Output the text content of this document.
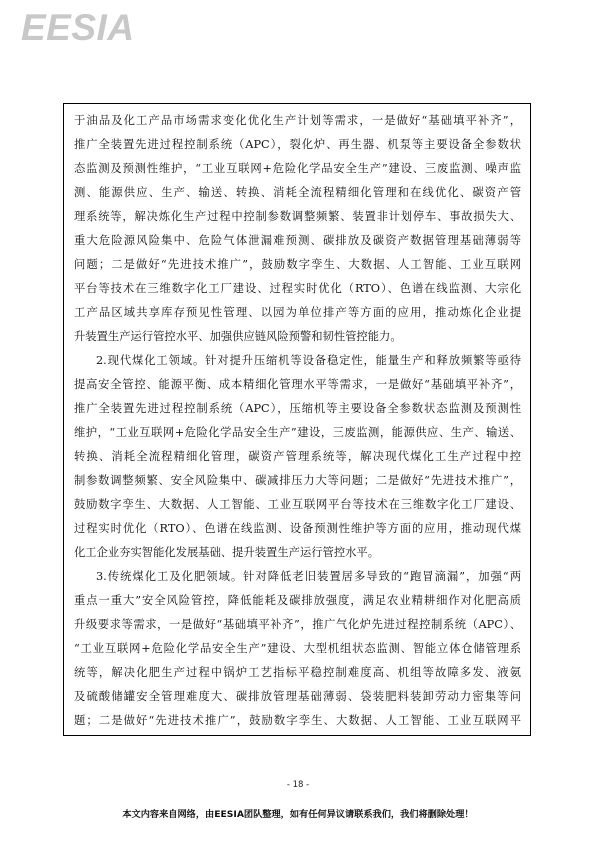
EESIA
于油品及化工产品市场需求变化优化生产计划等需求，一是做好“基础填平补齐”，
推广全装置先进过程控制系统（APC），裂化炉、再生器、机泵等主要设备全参数状
态监测及预测性维护，“工业互联网+危险化学品安全生产”建设、三废监测、噪声监
测、能源供应、生产、输送、转换、消耗全流程精细化管理和在线优化、碳资产管
理系统等，解决炼化生产过程中控制参数调整频繁、装置非计划停车、事故损失大、
重大危险源风险集中、危险气体泄漏难预测、碳排放及碳资产数据管理基础薄弱等
问题；二是做好“先进技术推广”，鼓励数字孪生、大数据、人工智能、工业互联网
平台等技术在三维数字化工厂建设、过程实时优化（RTO）、色谱在线监测、大宗化
工产品区域共享库存预见性管理、以园为单位排产等方面的应用，推动炼化企业提
升装置生产运行管控水平、加强供应链风险预警和韧性管控能力。
2.现代煤化工领域。针对提升压缩机等设备稳定性，能量生产和释放频繁等亟待
提高安全管控、能源平衡、成本精细化管理水平等需求，一是做好“基础填平补齐”，
推广全装置先进过程控制系统（APC），压缩机等主要设备全参数状态监测及预测性
维护，“工业互联网+危险化学品安全生产”建设，三废监测，能源供应、生产、输送、
转换、消耗全流程精细化管理，碳资产管理系统等，解决现代煤化工生产过程中控
制参数调整频繁、安全风险集中、碳减排压力大等问题；二是做好“先进技术推广”，
鼓励数字孪生、大数据、人工智能、工业互联网平台等技术在三维数字化工厂建设、
过程实时优化（RTO）、色谱在线监测、设备预测性维护等方面的应用，推动现代煤
化工企业夯实智能化发展基础、提升装置生产运行管控水平。
3.传统煤化工及化肥领域。针对降低老旧装置居多导致的“跑冒滴漏”，加强“两
重点一重大”安全风险管控，降低能耗及碳排放强度，满足农业精耕细作对化肥高质
升级要求等需求，一是做好“基础填平补齐”，推广气化炉先进过程控制系统（APC）、
“工业互联网+危险化学品安全生产”建设、大型机组状态监测、智能立体仓储管理系
统等，解决化肥生产过程中锅炉工艺指标平稳控制难度高、机组等故障多发、液氨
及硫酸储罐安全管理难度大、碳排放管理基础薄弱、袋装肥料装卸劳动力密集等问
题；二是做好“先进技术推广”，鼓励数字孪生、大数据、人工智能、工业互联网平
- 18 -
本文内容来自网络，由EESIA团队整理，如有任何异议请联系我们，我们将删除处理！
